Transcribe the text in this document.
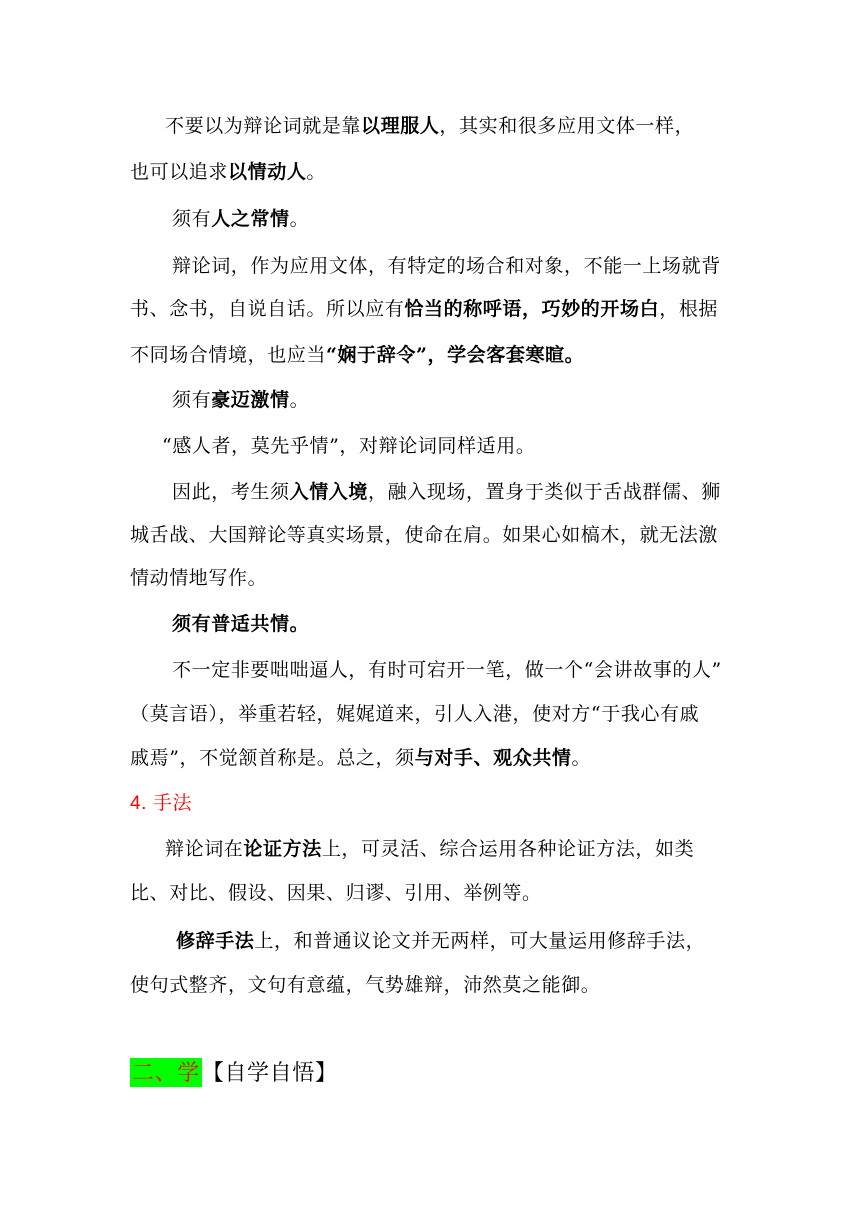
不要以为辩论词就是靠以理服人，其实和很多应用文体一样，
也可以追求以情动人。
须有人之常情。
辩论词，作为应用文体，有特定的场合和对象，不能一上场就背
书、念书，自说自话。所以应有恰当的称呼语，巧妙的开场白，根据
不同场合情境，也应当“娴于辞令”，学会客套寒暄。
须有豪迈激情。
“感人者，莫先乎情”，对辩论词同样适用。
因此，考生须入情入境，融入现场，置身于类似于舌战群儒、狮
城舌战、大国辩论等真实场景，使命在肩。如果心如槁木，就无法激
情动情地写作。
须有普适共情。
不一定非要咄咄逼人，有时可宕开一笔，做一个“会讲故事的人”
（莫言语），举重若轻，娓娓道来，引人入港，使对方“于我心有戚
戚焉”，不觉颔首称是。总之，须与对手、观众共情。
4. 手法
辩论词在论证方法上，可灵活、综合运用各种论证方法，如类
比、对比、假设、因果、归谬、引用、举例等。
修辞手法上，和普通议论文并无两样，可大量运用修辞手法，
使句式整齐，文句有意蕴，气势雄辩，沛然莫之能御。
二、学【自学自悟】
